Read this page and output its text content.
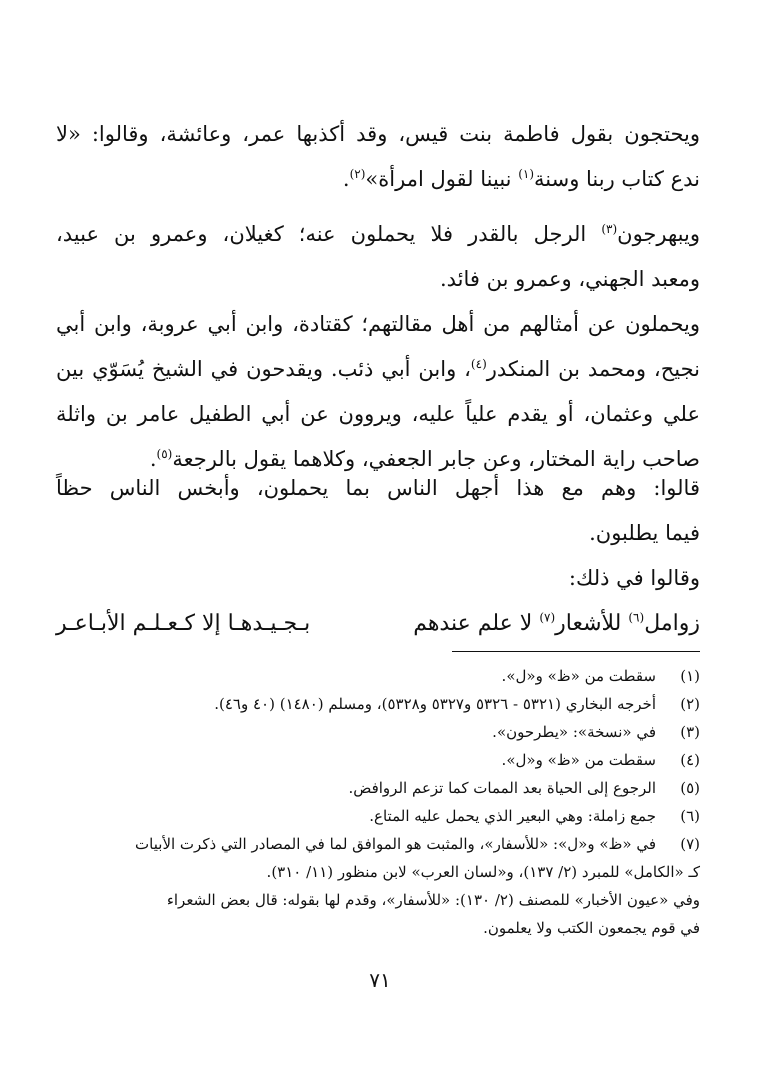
ويحتجون بقول فاطمة بنت قيس، وقد أكذبها عمر، وعائشة، وقالوا: «لا
ندع كتاب ربنا وسنة$^{(١)}$ نبينا لقول امرأة»$^{(٢)}$.

ويبهرجون$^{(٣)}$ الرجل بالقدر فلا يحملون عنه؛ كغيلان، وعمرو بن عبيد،
ومعبد الجهني، وعمرو بن فائد.

ويحملون عن أمثالهم من أهل مقالتهم؛ كقتادة، وابن أبي عروبة، وابن أبي
نجيح، ومحمد بن المنكدر$^{(٤)}$، وابن أبي ذئب. ويقدحون في الشيخ يُسَوّي بين
علي وعثمان، أو يقدم علياً عليه، ويروون عن أبي الطفيل عامر بن واثلة
صاحب راية المختار، وعن جابر الجعفي، وكلاهما يقول بالرجعة$^{(٥)}$.

قالوا: وهم مع هذا أجهل الناس بما يحملون، وأبخس الناس حظاً
فيما يطلبون.

وقالوا في ذلك:

زوامل$^{(٦)}$ للأشعار$^{(٧)}$ لا علم عندهم
بـجـيـدهـا إلا كـعـلـم الأبـاعـر
(١)
سقطت من «ظ» و«ل».
(٢)
أخرجه البخاري (٥٣٢١ - ٥٣٢٦ و٥٣٢٧ و٥٣٢٨)، ومسلم (١٤٨٠) (٤٠ و٤٦).
(٣)
في «نسخة»: «يطرحون».
(٤)
سقطت من «ظ» و«ل».
(٥)
الرجوع إلى الحياة بعد الممات كما تزعم الروافض.
(٦)
جمع زاملة: وهي البعير الذي يحمل عليه المتاع.
(٧)
في «ظ» و«ل»: «للأسفار»، والمثبت هو الموافق لما في المصادر التي ذكرت الأبيات
كـ «الكامل» للمبرد (٢/ ١٣٧)، و«لسان العرب» لابن منظور (١١/ ٣١٠).
وفي «عيون الأخبار» للمصنف (٢/ ١٣٠): «للأسفار»، وقدم لها بقوله: قال بعض الشعراء
في قوم يجمعون الكتب ولا يعلمون.
٧١
